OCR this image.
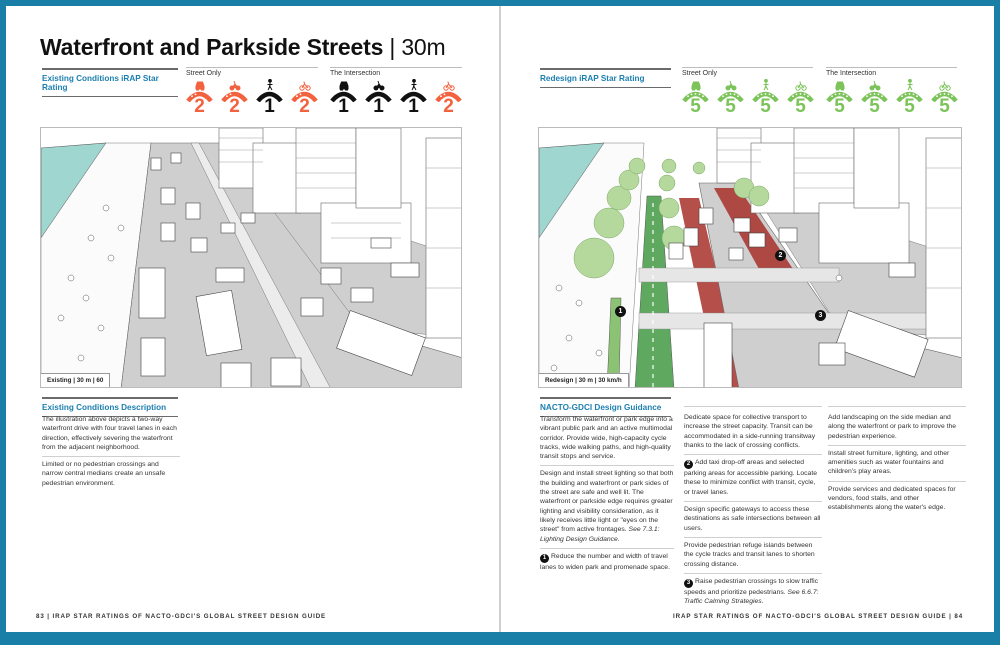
Waterfront and Parkside Streets | 30m
Existing Conditions iRAP Star Rating
Street Only
2 2 1 2
The Intersection
1 1 1 2
Existing | 30 m | 60
Existing Conditions Description
The illustration above depicts a two-way waterfront drive with four travel lanes in each direction, effectively severing the waterfront from the adjacent neighborhood.
Limited or no pedestrian crossings and narrow central medians create an unsafe pedestrian environment.
83 | IRAP STAR RATINGS OF NACTO-GDCI'S GLOBAL STREET DESIGN GUIDE
Redesign iRAP Star Rating
Street Only
5 5 5 5
The Intersection
5 5 5 5
1
2
3
Redesign | 30 m | 30 km/h
NACTO-GDCI Design Guidance
Transform the waterfront or park edge into a vibrant public park and an active multimodal corridor. Provide wide, high-capacity cycle tracks, wide walking paths, and high-quality transit stops and service.
Design and install street lighting so that both the building and waterfront or park sides of the street are safe and well lit. The waterfront or parkside edge requires greater lighting and visibility consideration, as it likely receives little light or "eyes on the street" from active frontages. See 7.3.1: Lighting Design Guidance.
1 Reduce the number and width of travel lanes to widen park and promenade space.
Dedicate space for collective transport to increase the street capacity. Transit can be accommodated in a side-running transitway thanks to the lack of crossing conflicts.
2 Add taxi drop-off areas and selected parking areas for accessible parking. Locate these to minimize conflict with transit, cycle, or travel lanes.
Design specific gateways to access these destinations as safe intersections between all users.
Provide pedestrian refuge islands between the cycle tracks and transit lanes to shorten crossing distance.
3 Raise pedestrian crossings to slow traffic speeds and prioritize pedestrians. See 6.6.7: Traffic Calming Strategies.
Add landscaping on the side median and along the waterfront or park to improve the pedestrian experience.
Install street furniture, lighting, and other amenities such as water fountains and children's play areas.
Provide services and dedicated spaces for vendors, food stalls, and other establishments along the water's edge.
IRAP STAR RATINGS OF NACTO-GDCI'S GLOBAL STREET DESIGN GUIDE | 84
